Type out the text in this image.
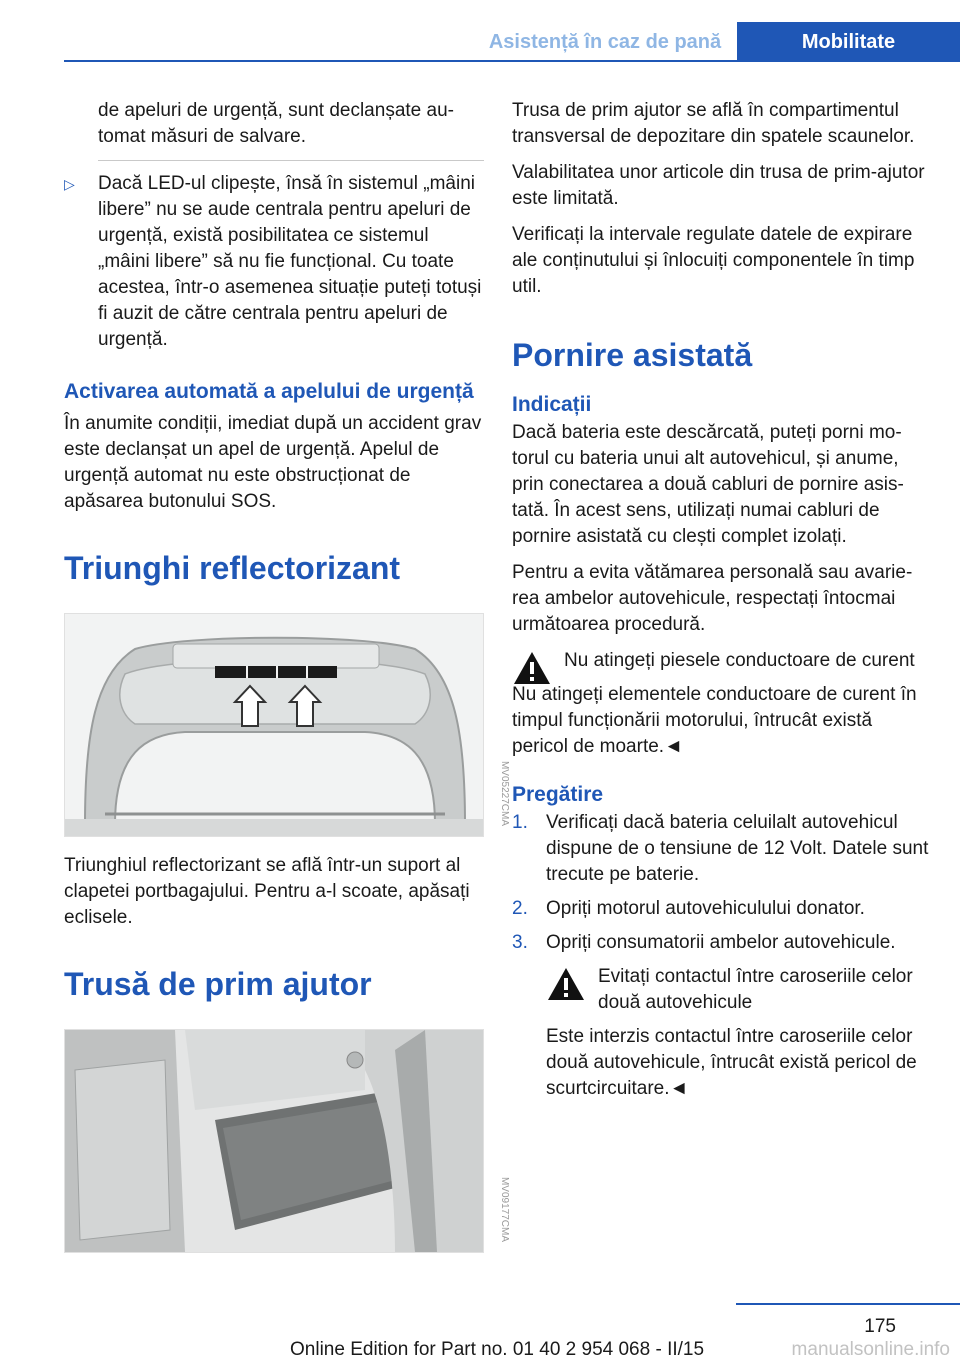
Asistență în caz de pană	Mobilitate

de apeluri de urgență, sunt declanșate automat măsuri de salvare.

▷ Dacă LED-ul clipește, însă în sistemul „mâini libere” nu se aude centrala pentru apeluri de urgență, există posibilitatea ce sistemul „mâini libere” să nu fie funcțional. Cu toate acestea, într-o asemenea situație puteți totuși fi auzit de către centrala pentru apeluri de urgență.
Activarea automată a apelului de urgență

În anumite condiții, imediat după un accident grav este declanșat un apel de urgență. Apelul de urgență automat nu este obstrucționat de apăsarea butonului SOS.

Triunghi reflectorizant
MV05227CMA

Triunghiul reflectorizant se află într-un suport al clapetei portbagajului. Pentru a-l scoate, apăsați eclisele.

Trusă de prim ajutor
MV09177CMA

Trusa de prim ajutor se află în compartimentul transversal de depozitare din spatele scaunelor.

Valabilitatea unor articole din trusa de prim-ajutor este limitată.

Verificați la intervale regulate datele de expirare ale conținutului și înlocuiți componentele în timp util.

Pornire asistată
Indicații

Dacă bateria este descărcată, puteți porni motorul cu bateria unui alt autovehicul, și anume, prin conectarea a două cabluri de pornire asistată. În acest sens, utilizați numai cabluri de pornire asistată cu clești complet izolați.

Pentru a evita vătămarea personală sau avarierea ambelor autovehicule, respectați întocmai următoarea procedură.

Nu atingeți piesele conductoare de curent

Nu atingeți elementele conductoare de curent în timpul funcționării motorului, întrucât există pericol de moarte.◄

Pregătire
1. Verificați dacă bateria celuilalt autovehicul dispune de o tensiune de 12 Volt. Datele sunt trecute pe baterie.
2. Opriți motorul autovehiculului donator.
3. Opriți consumatorii ambelor autovehicule.
Evitați contactul între caroseriile celor două autovehicule

Este interzis contactul între caroseriile celor două autovehicule, întrucât există pericol de scurtcircuitare.◄

175
Online Edition for Part no. 01 40 2 954 068 - II/15	manualsonline.info
